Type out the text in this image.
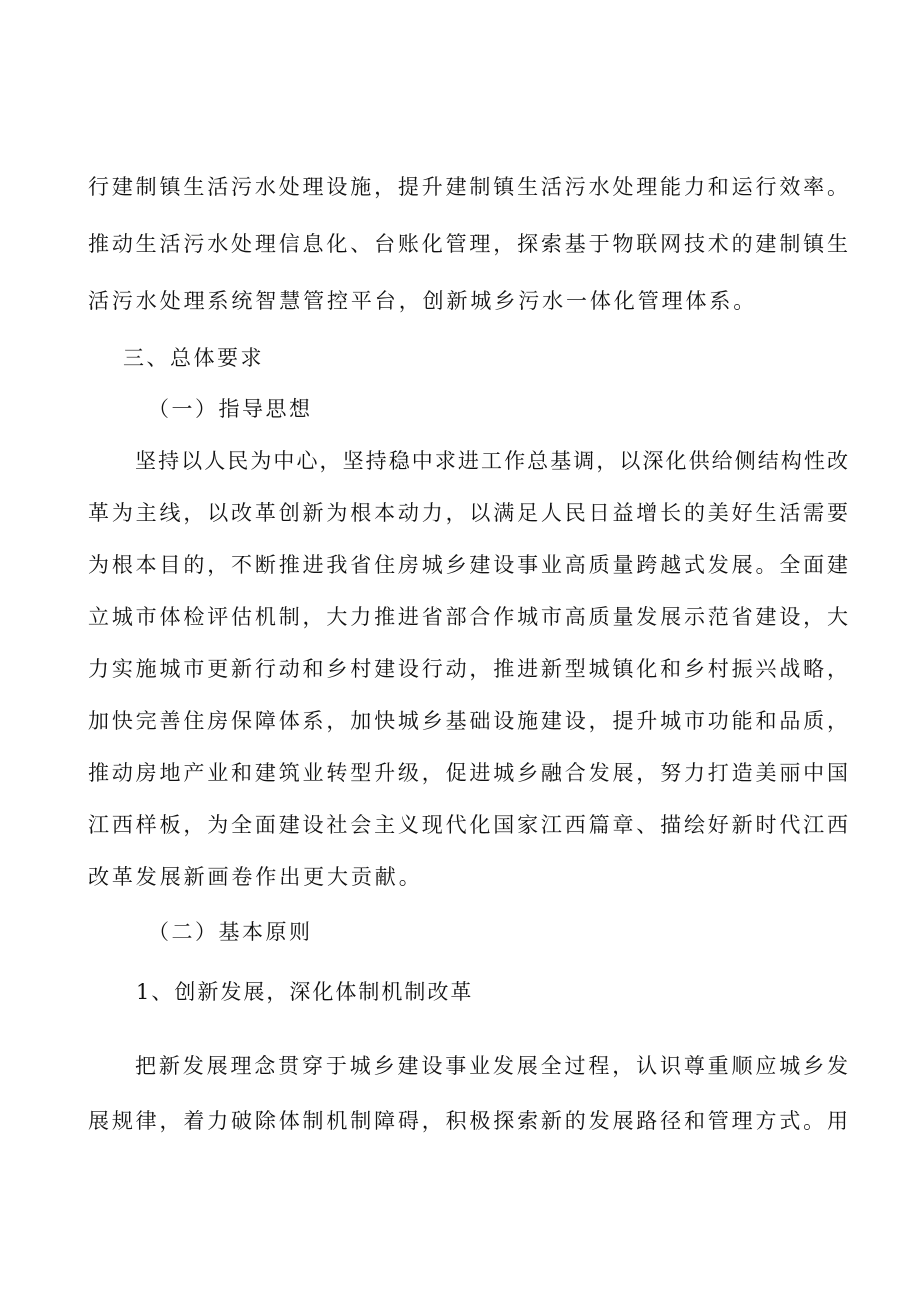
行建制镇生活污水处理设施，提升建制镇生活污水处理能力和运行效率。
推动生活污水处理信息化、台账化管理，探索基于物联网技术的建制镇生
活污水处理系统智慧管控平台，创新城乡污水一体化管理体系。
三、总体要求
（一）指导思想
坚持以人民为中心，坚持稳中求进工作总基调，以深化供给侧结构性改
革为主线，以改革创新为根本动力，以满足人民日益增长的美好生活需要
为根本目的，不断推进我省住房城乡建设事业高质量跨越式发展。全面建
立城市体检评估机制，大力推进省部合作城市高质量发展示范省建设，大
力实施城市更新行动和乡村建设行动，推进新型城镇化和乡村振兴战略，
加快完善住房保障体系，加快城乡基础设施建设，提升城市功能和品质，
推动房地产业和建筑业转型升级，促进城乡融合发展，努力打造美丽中国
江西样板，为全面建设社会主义现代化国家江西篇章、描绘好新时代江西
改革发展新画卷作出更大贡献。
（二）基本原则
1、创新发展，深化体制机制改革
把新发展理念贯穿于城乡建设事业发展全过程，认识尊重顺应城乡发
展规律，着力破除体制机制障碍，积极探索新的发展路径和管理方式。用
